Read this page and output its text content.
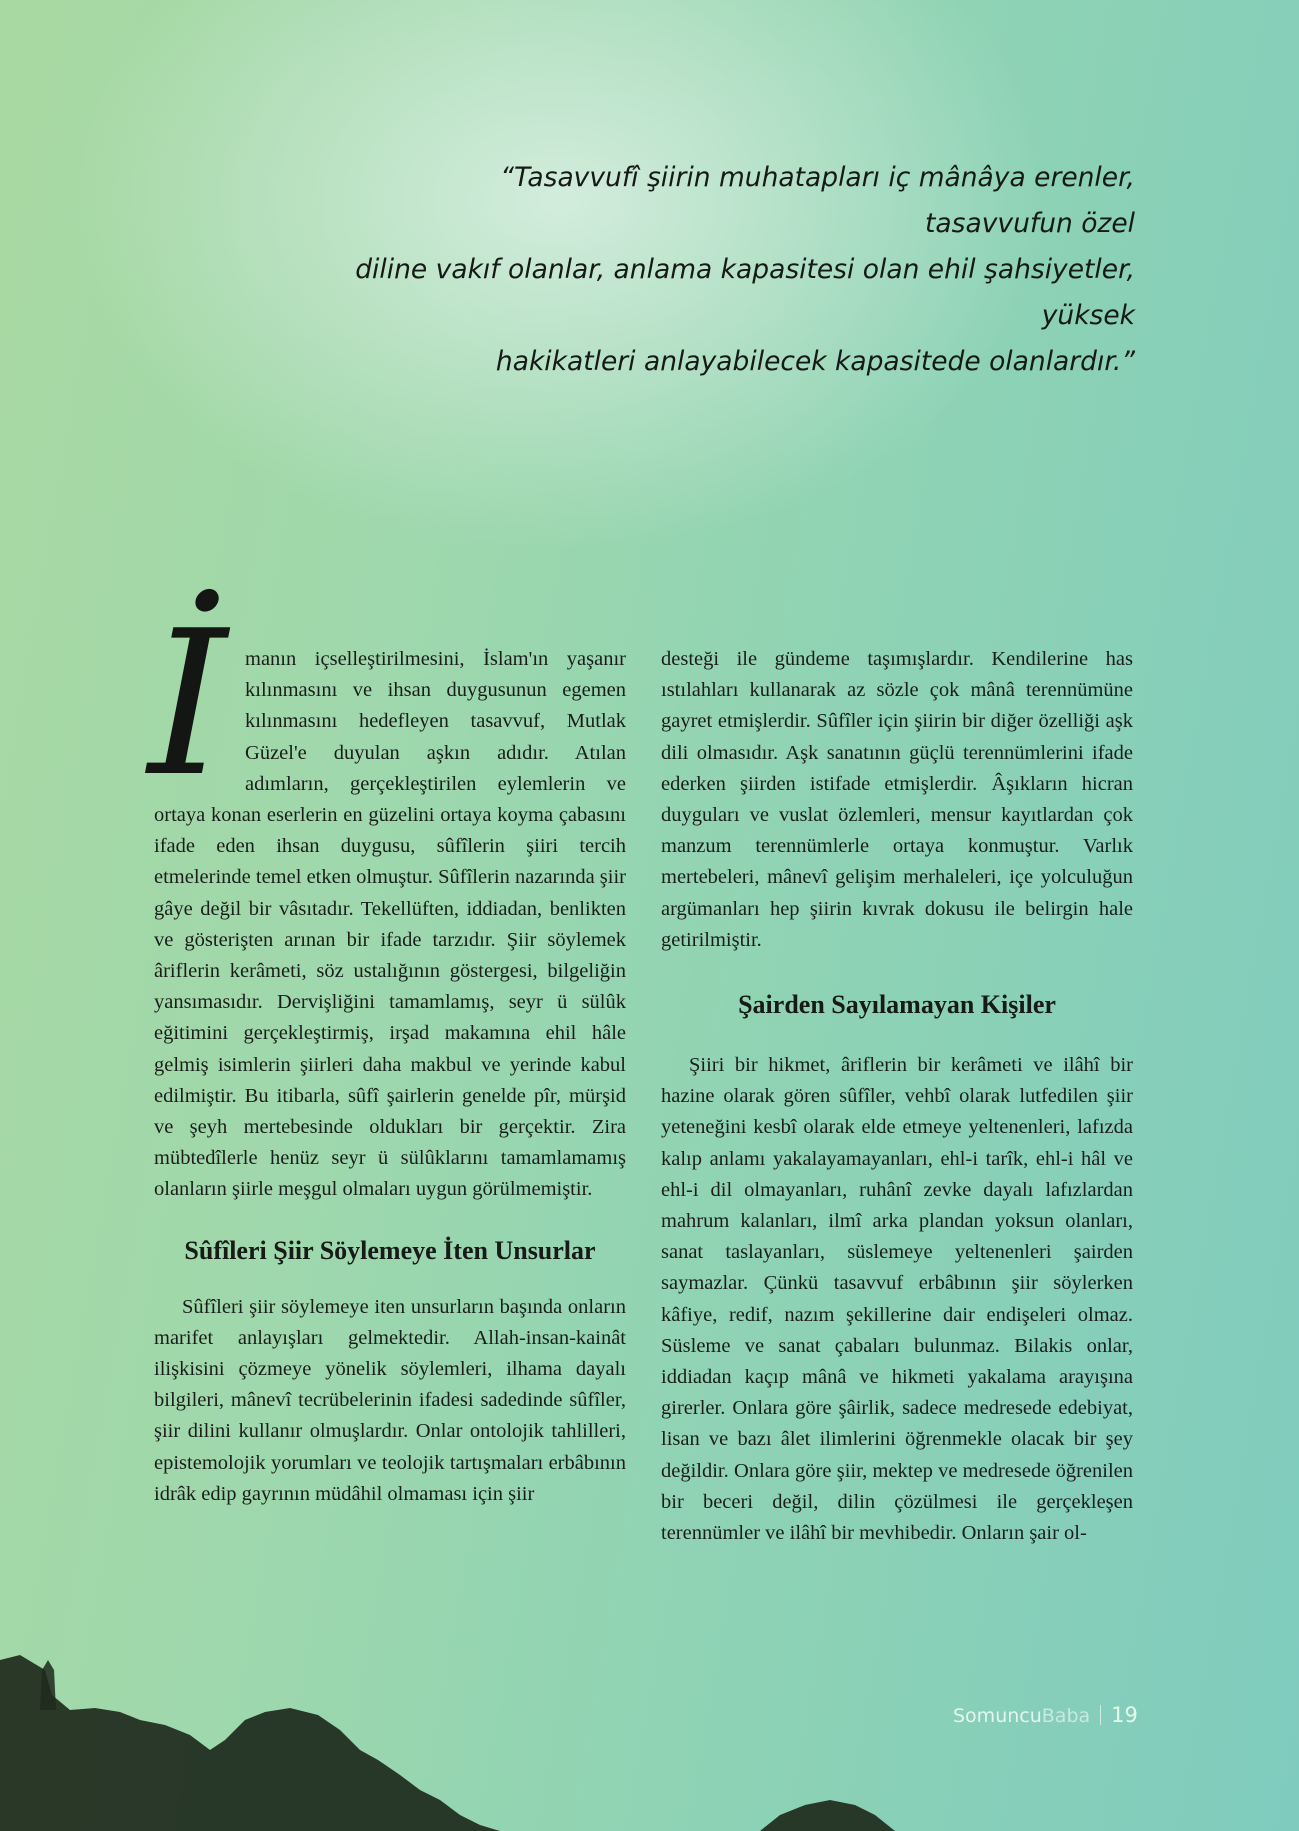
“Tasavvufî şiirin muhatapları iç mânâya erenler, tasavvufun özel
diline vakıf olanlar, anlama kapasitesi olan ehil şahsiyetler, yüksek
hakikatleri anlayabilecek kapasitede olanlardır.”

İmanın içselleştirilmesini, İslam'ın yaşanır kılınmasını ve ihsan duygusunun egemen kılınmasını hedefleyen tasavvuf, Mutlak Güzel'e duyulan aşkın adıdır. Atılan adımların, gerçekleştirilen eylemlerin ve ortaya konan eserlerin en güzelini ortaya koyma çabasını ifade eden ihsan duygusu, sûfîlerin şiiri tercih etmelerinde temel etken olmuştur. Sûfîlerin nazarında şiir gâye değil bir vâsıtadır. Tekellüften, iddiadan, benlikten ve gösterişten arınan bir ifade tarzıdır. Şiir söylemek âriflerin kerâmeti, söz ustalığının göstergesi, bilgeliğin yansımasıdır. Dervişliğini tamamlamış, seyr ü sülûk eğitimini gerçekleştirmiş, irşad makamına ehil hâle gelmiş isimlerin şiirleri daha makbul ve yerinde kabul edilmiştir. Bu itibarla, sûfî şairlerin genelde pîr, mürşid ve şeyh mertebesinde oldukları bir gerçektir. Zira mübtedîlerle henüz seyr ü sülûklarını tamamlamamış olanların şiirle meşgul olmaları uygun görülmemiştir.

Sûfîleri Şiir Söylemeye İten Unsurlar

Sûfîleri şiir söylemeye iten unsurların başında onların marifet anlayışları gelmektedir. Allah-insan-kainât ilişkisini çözmeye yönelik söylemleri, ilhama dayalı bilgileri, mânevî tecrübelerinin ifadesi sadedinde sûfîler, şiir dilini kullanır olmuşlardır. Onlar ontolojik tahlilleri, epistemolojik yorumları ve teolojik tartışmaları erbâbının idrâk edip gayrının müdâhil olmaması için şiir

desteği ile gündeme taşımışlardır. Kendilerine has ıstılahları kullanarak az sözle çok mânâ terennümüne gayret etmişlerdir. Sûfîler için şiirin bir diğer özelliği aşk dili olmasıdır. Aşk sanatının güçlü terennümlerini ifade ederken şiirden istifade etmişlerdir. Âşıkların hicran duyguları ve vuslat özlemleri, mensur kayıtlardan çok manzum terennümlerle ortaya konmuştur. Varlık mertebeleri, mânevî gelişim merhaleleri, içe yolculuğun argümanları hep şiirin kıvrak dokusu ile belirgin hale getirilmiştir.

Şairden Sayılamayan Kişiler

Şiiri bir hikmet, âriflerin bir kerâmeti ve ilâhî bir hazine olarak gören sûfîler, vehbî olarak lutfedilen şiir yeteneğini kesbî olarak elde etmeye yeltenenleri, lafızda kalıp anlamı yakalayamayanları, ehl-i tarîk, ehl-i hâl ve ehl-i dil olmayanları, ruhânî zevke dayalı lafızlardan mahrum kalanları, ilmî arka plandan yoksun olanları, sanat taslayanları, süslemeye yeltenenleri şairden saymazlar. Çünkü tasavvuf erbâbının şiir söylerken kâfiye, redif, nazım şekillerine dair endişeleri olmaz. Süsleme ve sanat çabaları bulunmaz. Bilakis onlar, iddiadan kaçıp mânâ ve hikmeti yakalama arayışına girerler. Onlara göre şâirlik, sadece medresede edebiyat, lisan ve bazı âlet ilimlerini öğrenmekle olacak bir şey değildir. Onlara göre şiir, mektep ve medresede öğrenilen bir beceri değil, dilin çözülmesi ile gerçekleşen terennümler ve ilâhî bir mevhibedir. Onların şair ol-

SomuncuBaba 19
